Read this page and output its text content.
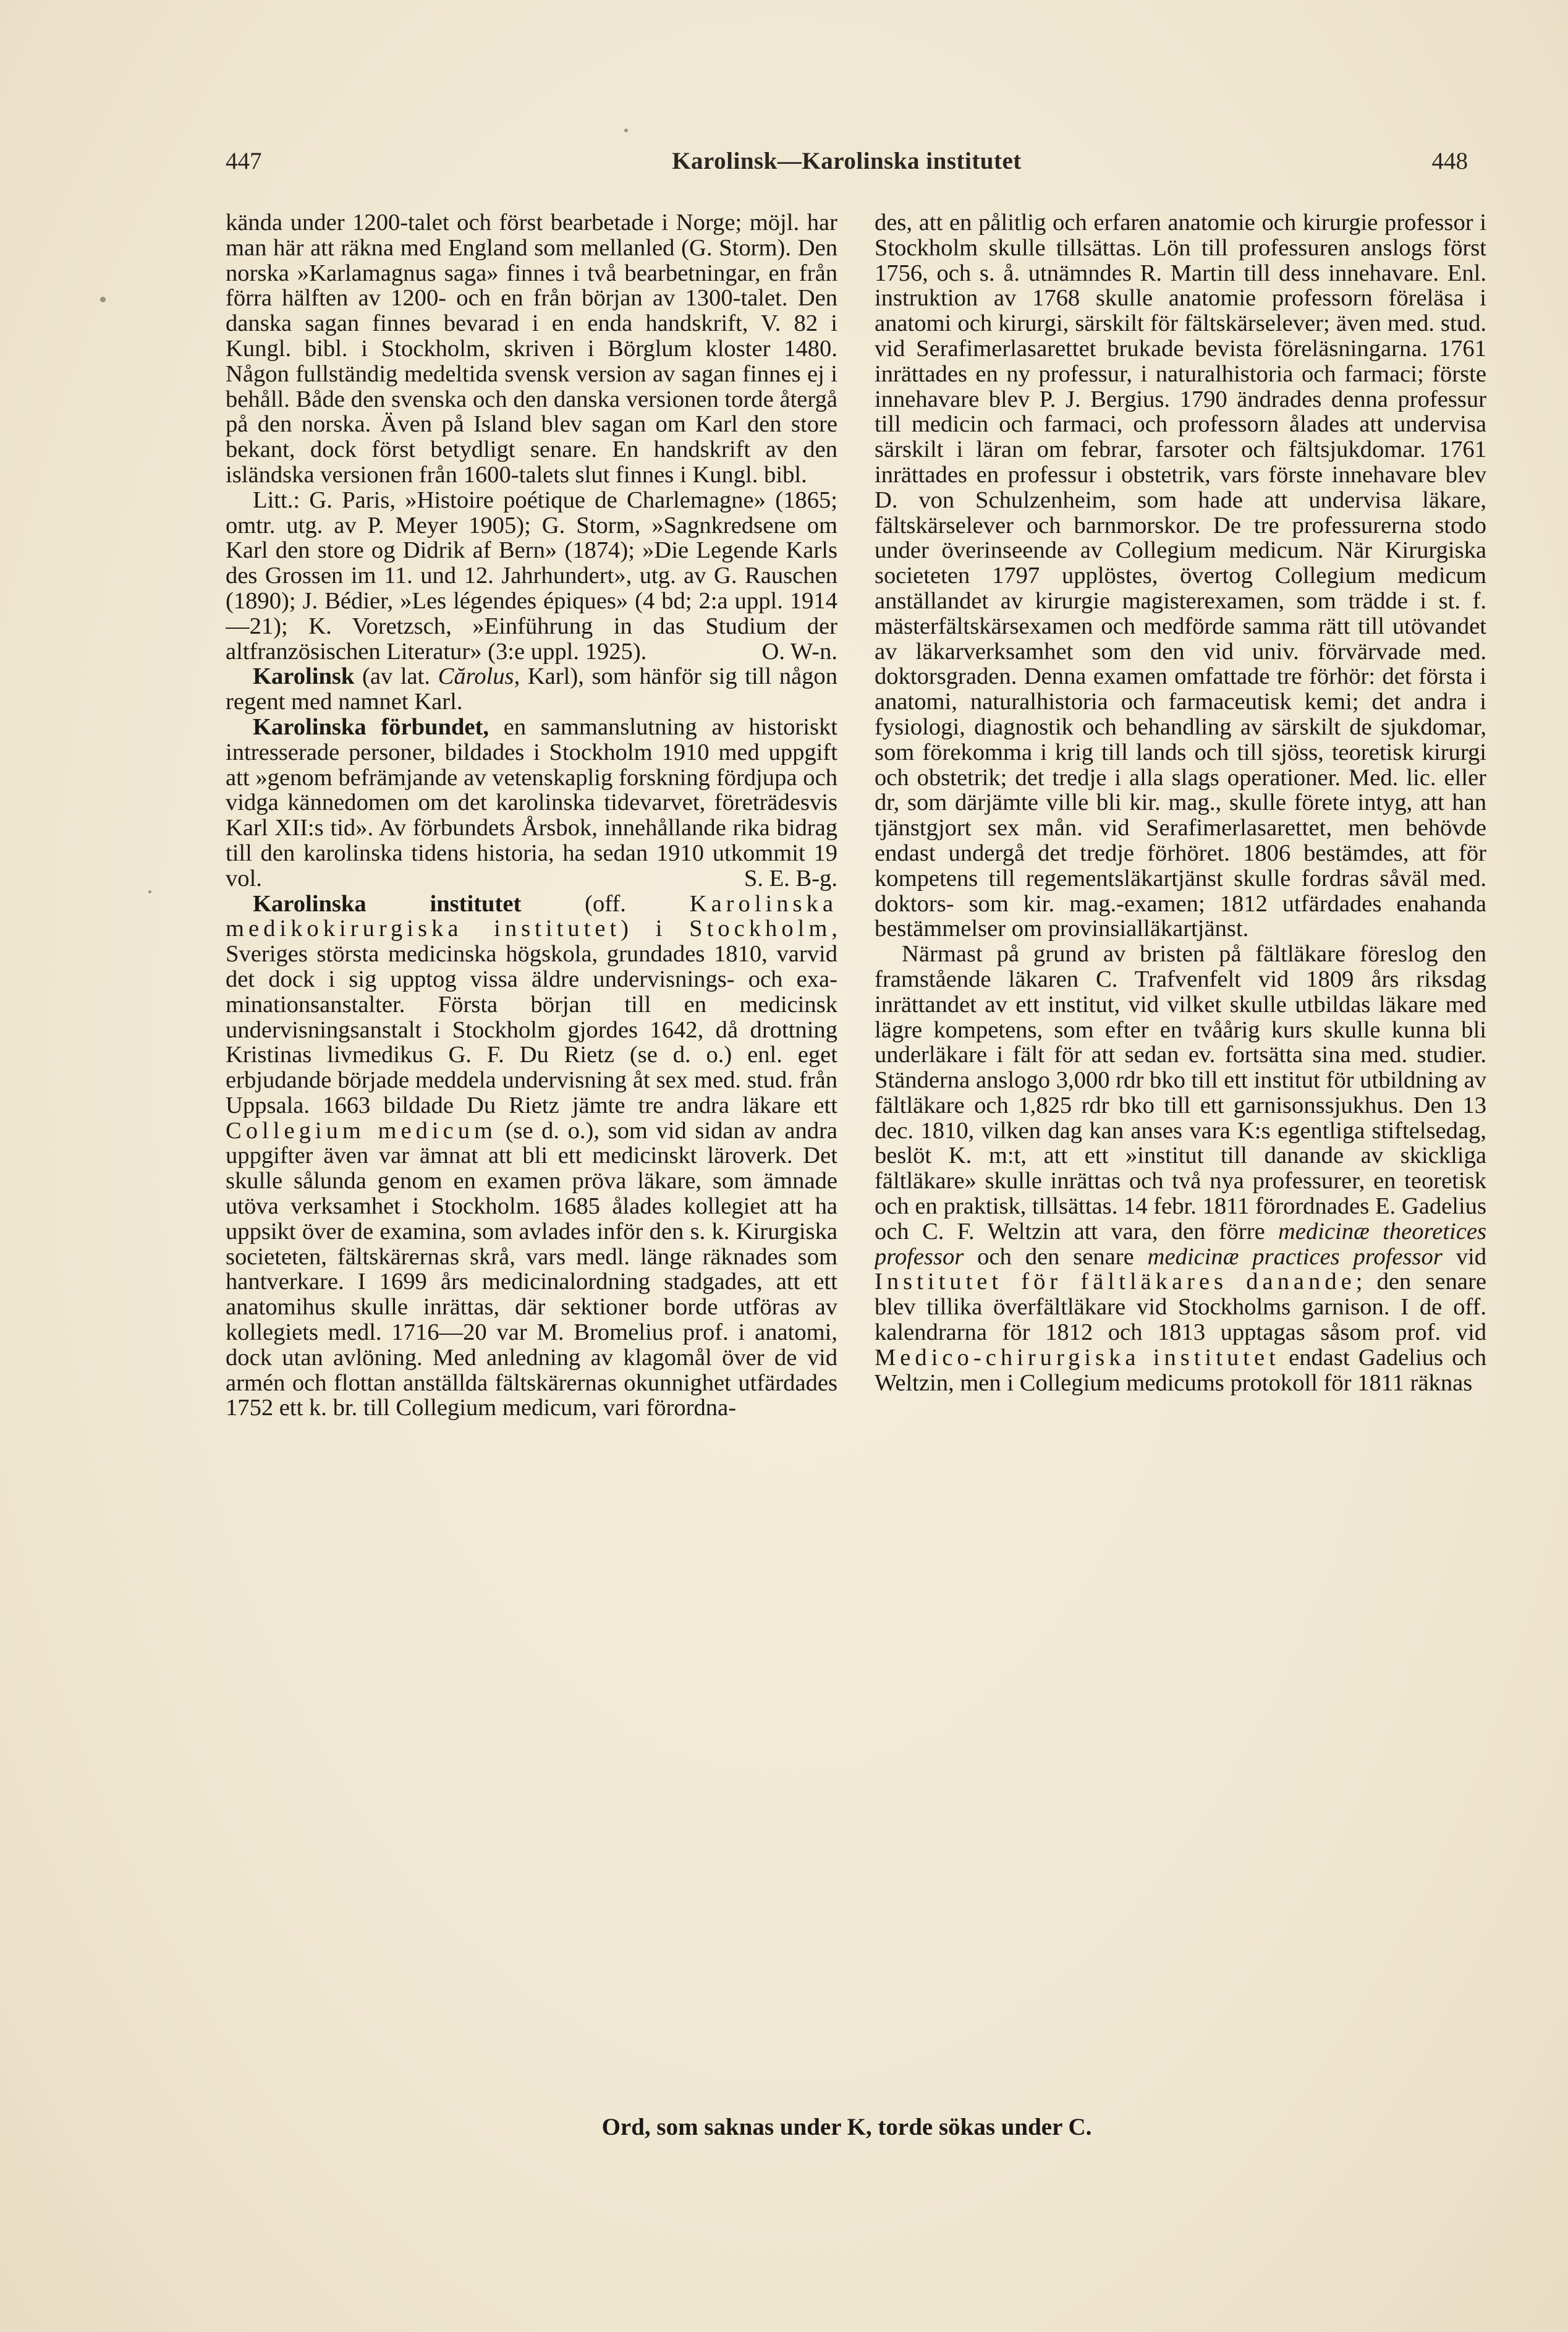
447	Karolinsk—Karolinska institutet	448

kända under 1200-talet och först bearbetade i Norge; möjl. har man här att räkna med England som mellanled (G. Storm). Den norska »Karlamagnus saga» finnes i två bearbetningar, en från förra hälften av 1200- och en från början av 1300-talet. Den danska sagan finnes bevarad i en enda handskrift, V. 82 i Kungl. bibl. i Stockholm, skriven i Börglum kloster 1480. Någon fullständig medeltida svensk version av sagan finnes ej i behåll. Både den svenska och den danska versionen torde återgå på den norska. Även på Island blev sagan om Karl den store bekant, dock först betydligt senare. En handskrift av den isländska versionen från 1600-talets slut finnes i Kungl. bibl.

Litt.: G. Paris, »Histoire poétique de Charlemagne» (1865; omtr. utg. av P. Meyer 1905); G. Storm, »Sagnkredsene om Karl den store og Didrik af Bern» (1874); »Die Legende Karls des Grossen im 11. und 12. Jahrhundert», utg. av G. Rauschen (1890); J. Bédier, »Les légendes épiques» (4 bd; 2:a uppl. 1914—21); K. Voretzsch, »Einführung in das Studium der altfranzösischen Literatur» (3:e uppl. 1925).	O. W-n.

Karolinsk (av lat. Cărolus, Karl), som hänför sig till någon regent med namnet Karl.

Karolinska förbundet, en sammanslutning av historiskt intresserade personer, bildades i Stockholm 1910 med uppgift att »genom befrämjande av vetenskaplig forskning fördjupa och vidga kännedomen om det karolinska tidevarvet, företrädesvis Karl XII:s tid». Av förbundets Årsbok, innehållande rika bidrag till den karolinska tidens historia, ha sedan 1910 utkommit 19 vol.	S. E. B-g.

Karolinska institutet (off. Karolinska medikokirurgiska institutet) i Stockholm, Sveriges största medicinska högskola, grundades 1810, varvid det dock i sig upptog vissa äldre undervisnings- och examinationsanstalter. Första början till en medicinsk undervisningsanstalt i Stockholm gjordes 1642, då drottning Kristinas livmedikus G. F. Du Rietz (se d. o.) enl. eget erbjudande började meddela undervisning åt sex med. stud. från Uppsala. 1663 bildade Du Rietz jämte tre andra läkare ett Collegium medicum (se d. o.), som vid sidan av andra uppgifter även var ämnat att bli ett medicinskt läroverk. Det skulle sålunda genom en examen pröva läkare, som ämnade utöva verksamhet i Stockholm. 1685 ålades kollegiet att ha uppsikt över de examina, som avlades inför den s. k. Kirurgiska societeten, fältskärernas skrå, vars medl. länge räknades som hantverkare. I 1699 års medicinalordning stadgades, att ett anatomihus skulle inrättas, där sektioner borde utföras av kollegiets medl. 1716—20 var M. Bromelius prof. i anatomi, dock utan avlöning. Med anledning av klagomål över de vid armén och flottan anställda fältskärernas okunnighet utfärdades 1752 ett k. br. till Collegium medicum, vari förordna-

des, att en pålitlig och erfaren anatomie och kirurgie professor i Stockholm skulle tillsättas. Lön till professuren anslogs först 1756, och s. å. utnämndes R. Martin till dess innehavare. Enl. instruktion av 1768 skulle anatomie professorn föreläsa i anatomi och kirurgi, särskilt för fältskärselever; även med. stud. vid Serafimerlasarettet brukade bevista föreläsningarna. 1761 inrättades en ny professur, i naturalhistoria och farmaci; förste innehavare blev P. J. Bergius. 1790 ändrades denna professur till medicin och farmaci, och professorn ålades att undervisa särskilt i läran om febrar, farsoter och fältsjukdomar. 1761 inrättades en professur i obstetrik, vars förste innehavare blev D. von Schulzenheim, som hade att undervisa läkare, fältskärselever och barnmorskor. De tre professurerna stodo under överinseende av Collegium medicum. När Kirurgiska societeten 1797 upplöstes, övertog Collegium medicum anställandet av kirurgie magisterexamen, som trädde i st. f. mästerfältskärsexamen och medförde samma rätt till utövandet av läkarverksamhet som den vid univ. förvärvade med. doktorsgraden. Denna examen omfattade tre förhör: det första i anatomi, naturalhistoria och farmaceutisk kemi; det andra i fysiologi, diagnostik och behandling av särskilt de sjukdomar, som förekomma i krig till lands och till sjöss, teoretisk kirurgi och obstetrik; det tredje i alla slags operationer. Med. lic. eller dr, som därjämte ville bli kir. mag., skulle förete intyg, att han tjänstgjort sex mån. vid Serafimerlasarettet, men behövde endast undergå det tredje förhöret. 1806 bestämdes, att för kompetens till regementsläkartjänst skulle fordras såväl med. doktors- som kir. mag.-examen; 1812 utfärdades enahanda bestämmelser om provinsialläkartjänst.

Närmast på grund av bristen på fältläkare föreslog den framstående läkaren C. Trafvenfelt vid 1809 års riksdag inrättandet av ett institut, vid vilket skulle utbildas läkare med lägre kompetens, som efter en tvåårig kurs skulle kunna bli underläkare i fält för att sedan ev. fortsätta sina med. studier. Ständerna anslogo 3,000 rdr bko till ett institut för utbildning av fältläkare och 1,825 rdr bko till ett garnisonssjukhus. Den 13 dec. 1810, vilken dag kan anses vara K:s egentliga stiftelsedag, beslöt K. m:t, att ett »institut till danande av skickliga fältläkare» skulle inrättas och två nya professurer, en teoretisk och en praktisk, tillsättas. 14 febr. 1811 förordnades E. Gadelius och C. F. Weltzin att vara, den förre medicinæ theoretices professor och den senare medicinæ practices professor vid Institutet för fältläkares danande; den senare blev tillika överfältläkare vid Stockholms garnison. I de off. kalendrarna för 1812 och 1813 upptagas såsom prof. vid Medico-chirurgiska institutet endast Gadelius och Weltzin, men i Collegium medicums protokoll för 1811 räknas

Ord, som saknas under K, torde sökas under C.
